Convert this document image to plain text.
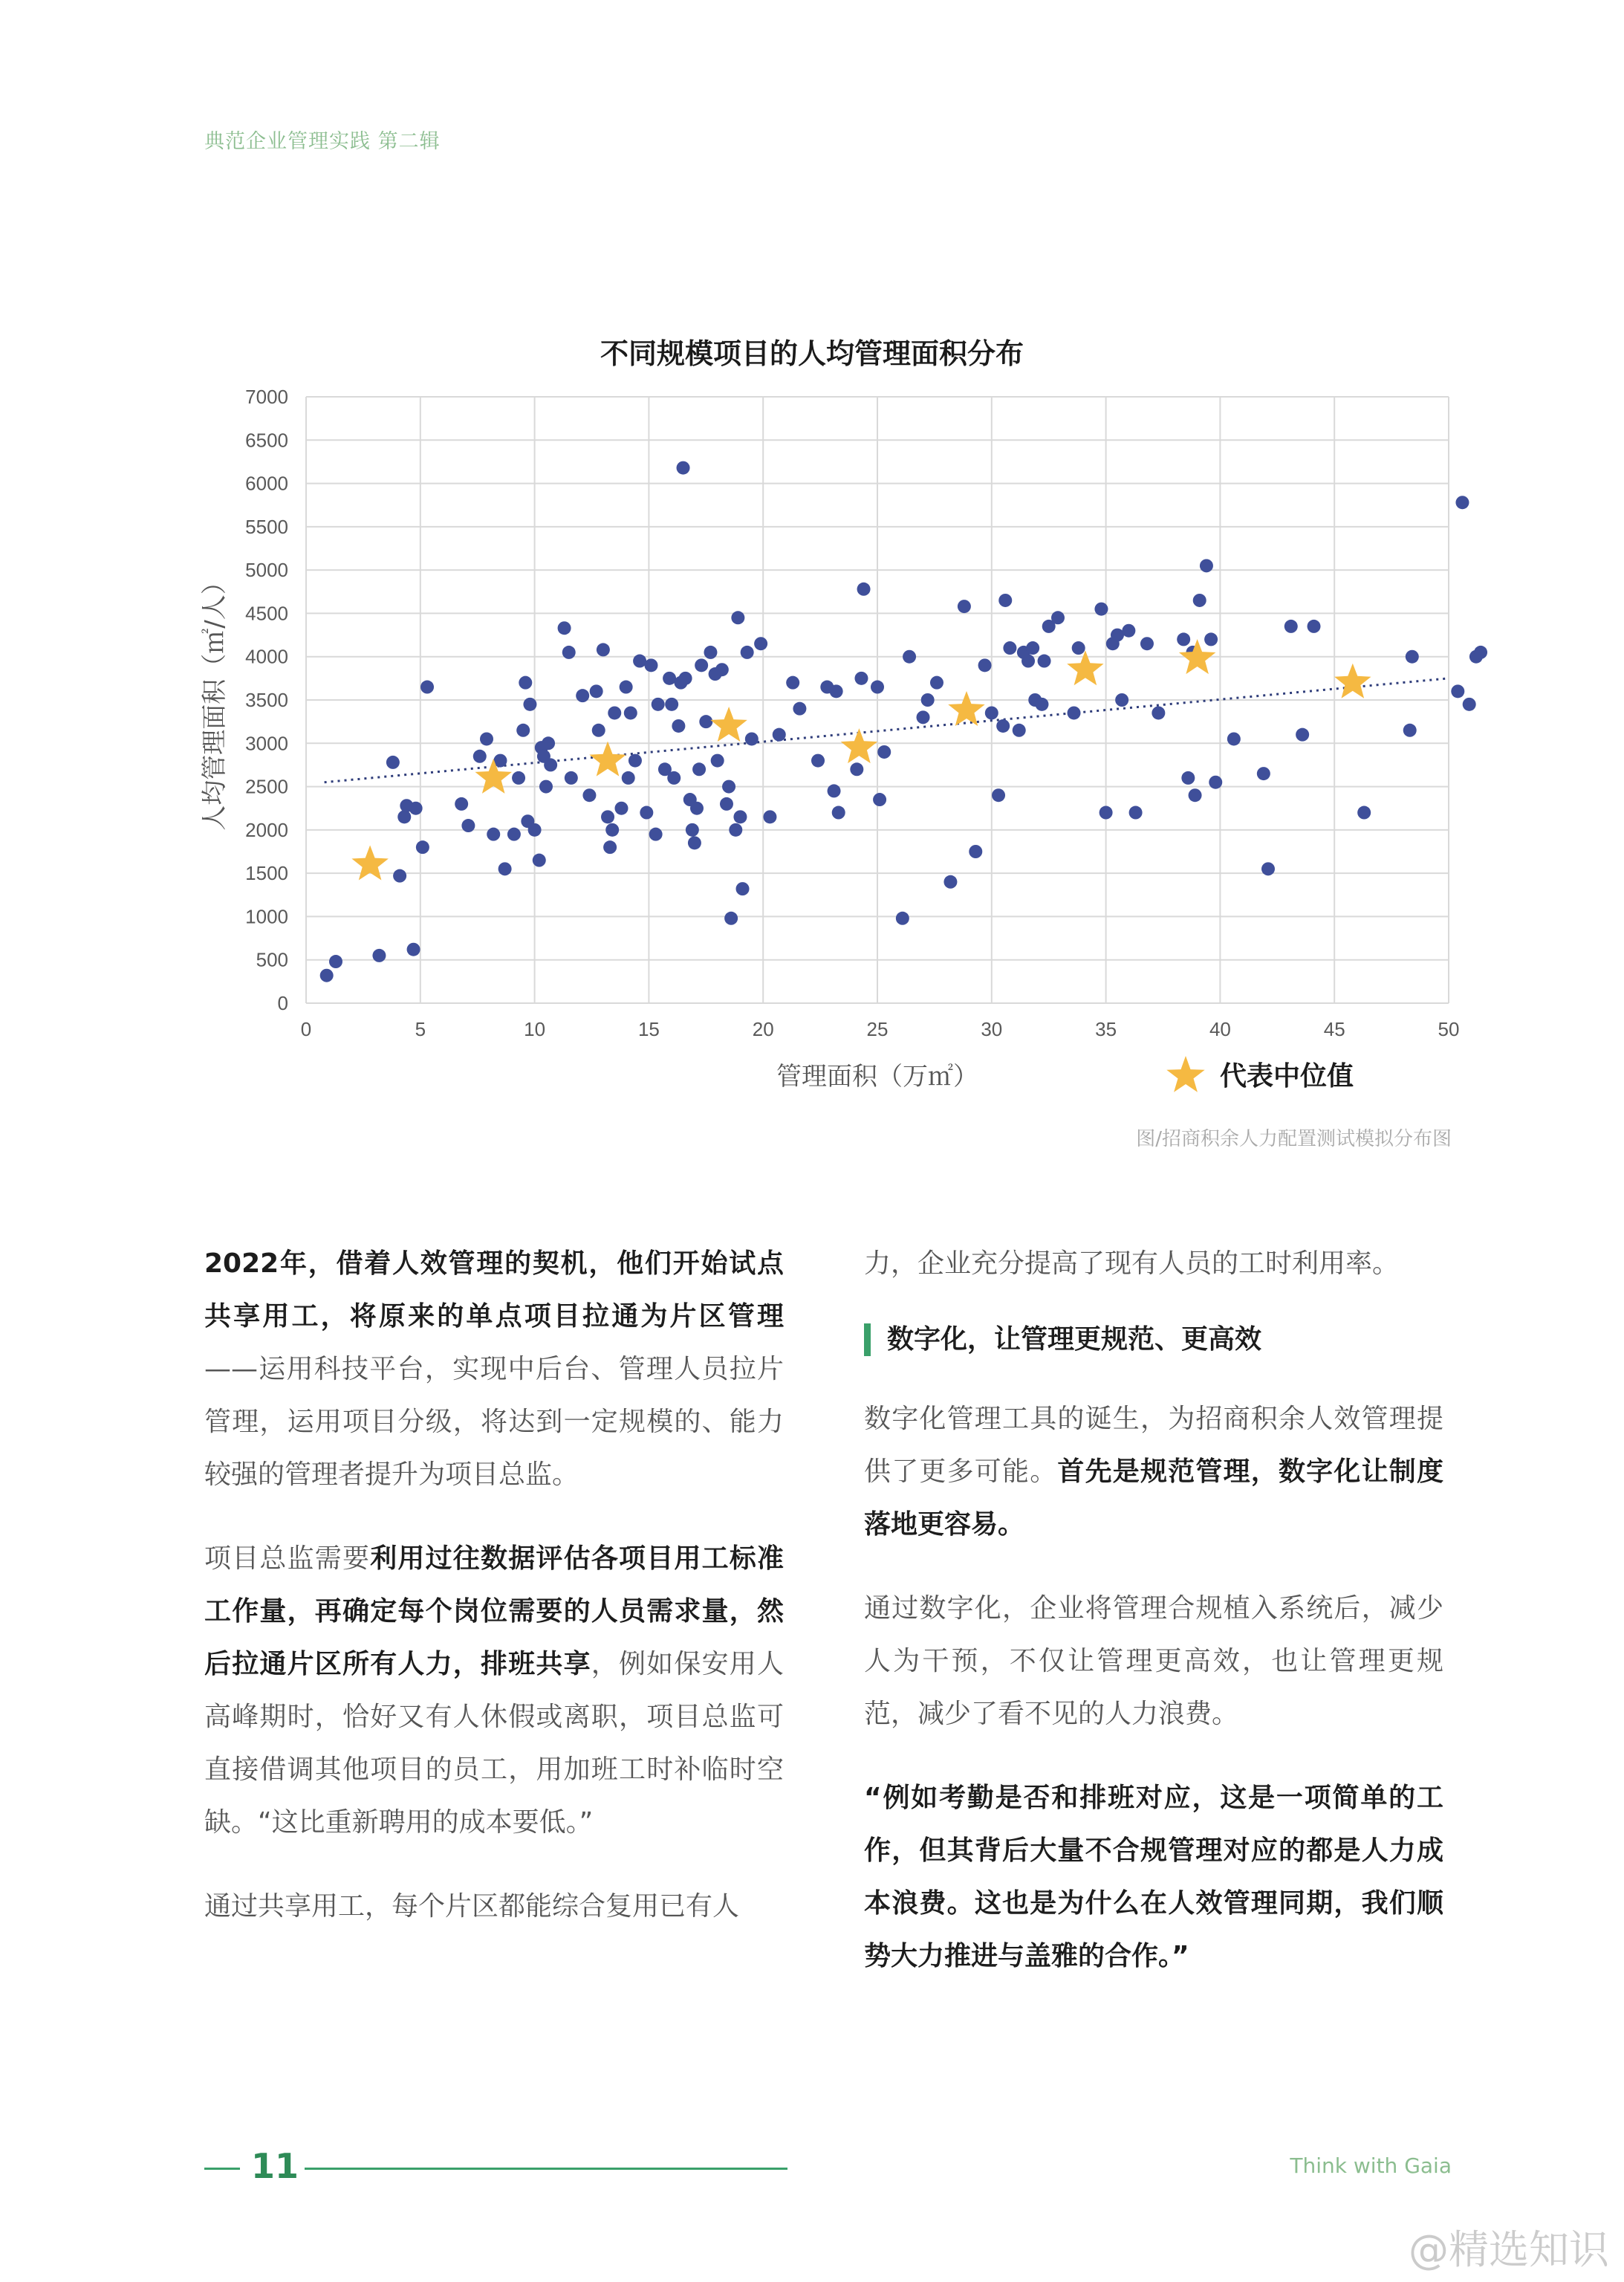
典范企业管理实践 第二辑
不同规模项目的人均管理面积分布
0
500
1000
1500
2000
2500
3000
3500
4000
4500
5000
5500
6000
6500
7000
0	5	10	15	20	25	30	35	40	45	50
管理面积（万㎡）
人均管理面积（㎡/人）
代表中位值
图/招商积余人力配置测试模拟分布图

2022年，借着人效管理的契机，他们开始试点共享用工，将原来的单点项目拉通为片区管理——运用科技平台，实现中后台、管理人员拉片管理，运用项目分级，将达到一定规模的、能力较强的管理者提升为项目总监。

项目总监需要利用过往数据评估各项目用工标准工作量，再确定每个岗位需要的人员需求量，然后拉通片区所有人力，排班共享，例如保安用人高峰期时，恰好又有人休假或离职，项目总监可直接借调其他项目的员工，用加班工时补临时空缺。“这比重新聘用的成本要低。”

通过共享用工，每个片区都能综合复用已有人

力，企业充分提高了现有人员的工时利用率。

数字化，让管理更规范、更高效

数字化管理工具的诞生，为招商积余人效管理提供了更多可能。首先是规范管理，数字化让制度落地更容易。

通过数字化，企业将管理合规植入系统后，减少人为干预，不仅让管理更高效，也让管理更规范，减少了看不见的人力浪费。

“例如考勤是否和排班对应，这是一项简单的工作，但其背后大量不合规管理对应的都是人力成本浪费。这也是为什么在人效管理同期，我们顺势大力推进与盖雅的合作。”

11	Think with Gaia
@精选知识
